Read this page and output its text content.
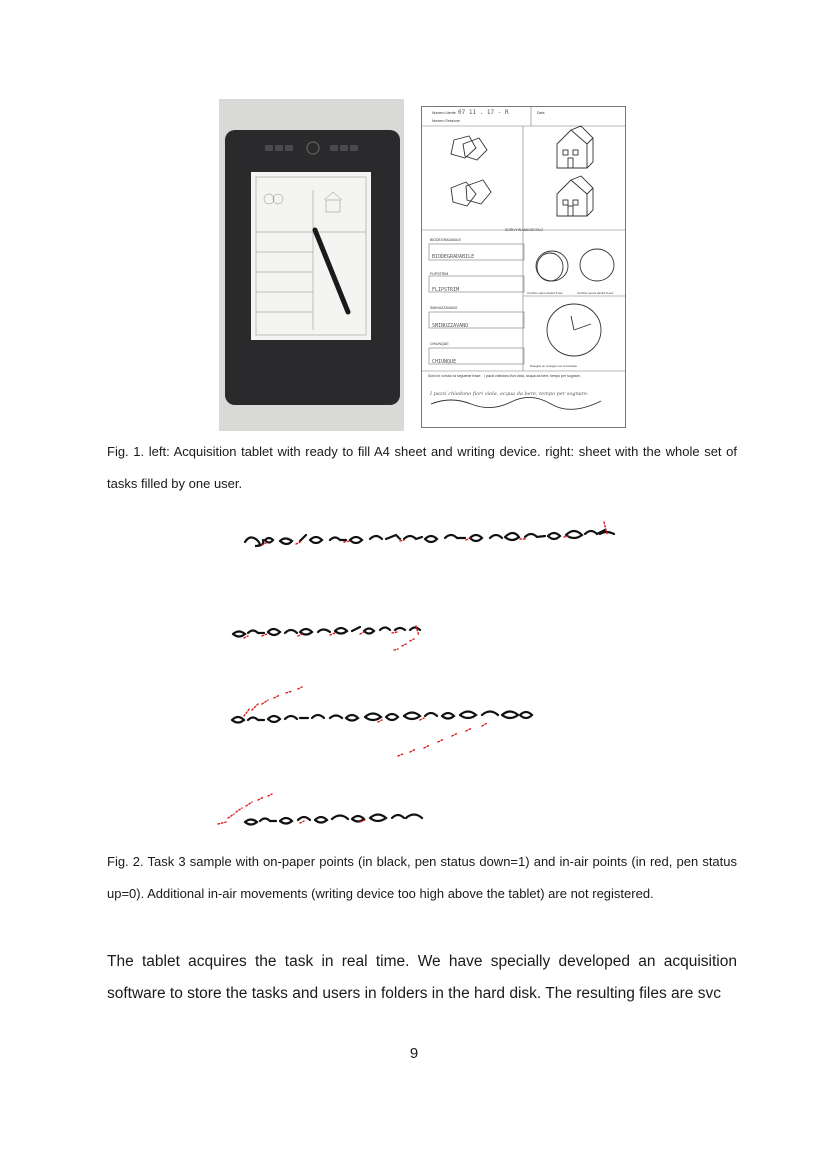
Numero Utente 07 11 . 17 - R	Data
Numero Sessione
SCRIVI IN MAIUSCOLO
BIODEGRADABILE
BIODEGRADABILE
FLIPSTRIM
FLIPSTRIM
SMINUZZAVANO
SMINUZZAVANO
CHIUNQUE
CHIUNQUE
Cerchio mano destra 5 sec	Cerchio senza destra 5 sec
Disegna un orologio con le lancette
Scrivi in corsivo la seguente frase: I pazzi chiedono fiori viola, acqua da bere, tempo per sognare.
I pazzi chiedono fiori viola, acqua da bere, tempo per sognare.
Fig. 1. left: Acquisition tablet with ready to fill A4 sheet and writing device. right: sheet with the whole set of tasks filled by one user.
Fig. 2. Task 3 sample with on-paper points (in black, pen status down=1) and in-air points (in red, pen status up=0). Additional in-air movements (writing device too high above the tablet) are not registered.
The tablet acquires the task in real time. We have specially developed an acquisition software to store the tasks and users in folders in the hard disk. The resulting files are svc
9
